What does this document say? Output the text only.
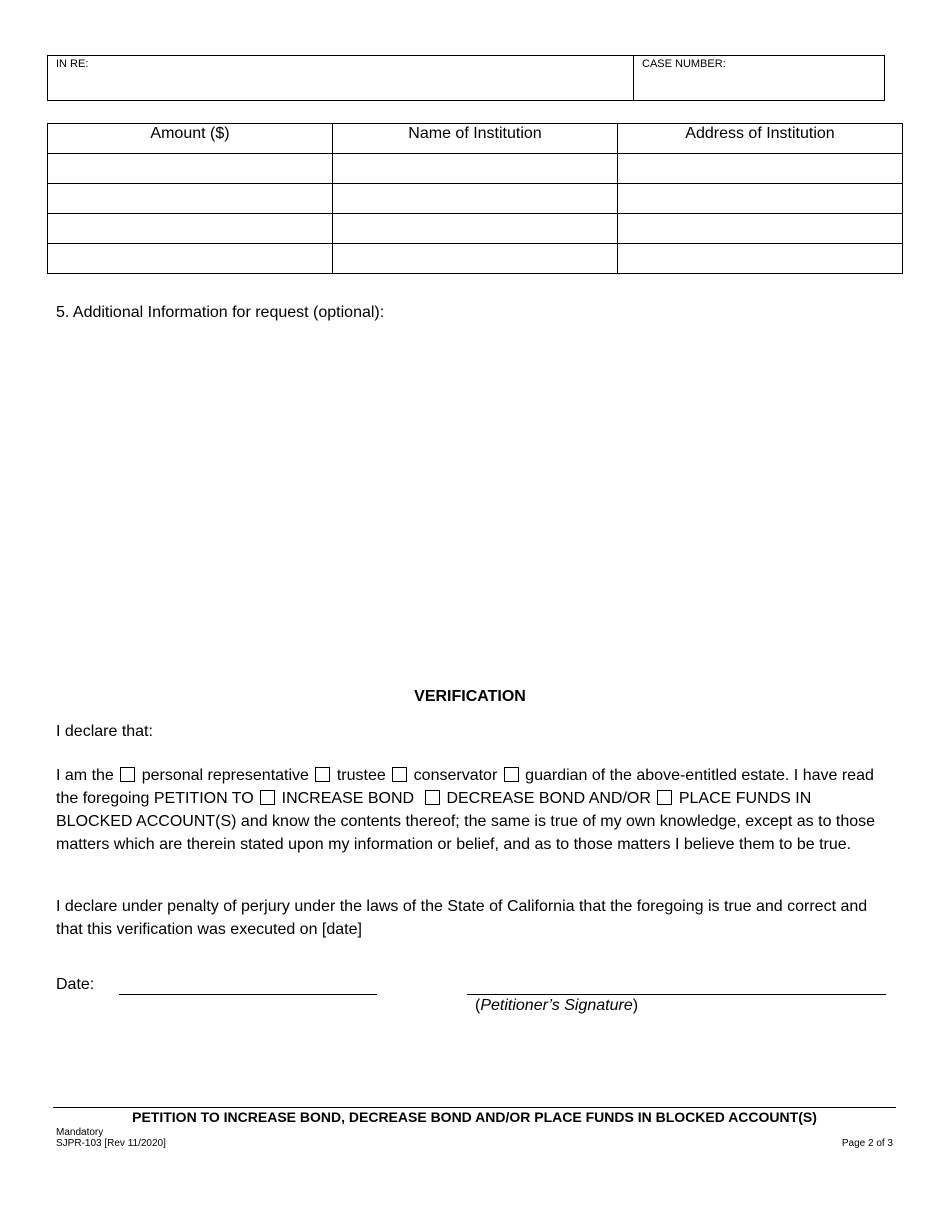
IN RE:	CASE NUMBER:
Amount ($)	Name of Institution	Address of Institution

5. Additional Information for request (optional):
VERIFICATION
I declare that:
I am the personal representative trustee conservator guardian of the above-entitled estate. I have read the foregoing PETITION TO INCREASE BOND DECREASE BOND AND/OR PLACE FUNDS IN BLOCKED ACCOUNT(S) and know the contents thereof; the same is true of my own knowledge, except as to those matters which are therein stated upon my information or belief, and as to those matters I believe them to be true.
I declare under penalty of perjury under the laws of the State of California that the foregoing is true and correct and that this verification was executed on [date]
Date:
(Petitioner’s Signature)
PETITION TO INCREASE BOND, DECREASE BOND AND/OR PLACE FUNDS IN BLOCKED ACCOUNT(S)
Mandatory
SJPR-103 [Rev 11/2020]	Page 2 of 3
